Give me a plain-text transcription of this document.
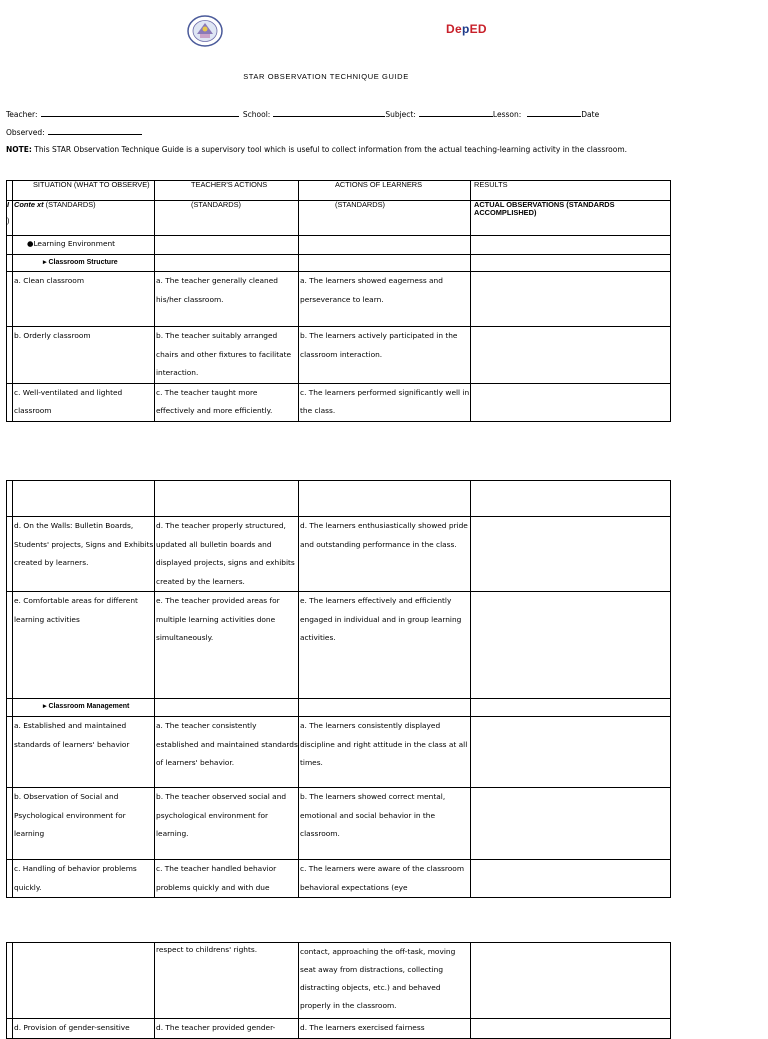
DepED
STAR OBSERVATION TECHNIQUE GUIDE
Teacher:	School:	Subject:	Lesson:	Date
Observed:
NOTE: This STAR Observation Technique Guide is a supervisory tool which is useful to collect information from the actual teaching-learning activity in the classroom.
	SITUATION (WHAT TO OBSERVE)	TEACHER'S ACTIONS	ACTIONS OF LEARNERS	RESULTS
I

)	Conte xt (STANDARDS)	(STANDARDS)	(STANDARDS)	ACTUAL OBSERVATIONS (STANDARDS ACCOMPLISHED)
	●Learning Environment			
	▸ Classroom Structure			
	a. Clean classroom	a. The teacher generally cleaned his/her classroom.	a. The learners showed eagerness and perseverance to learn.	
	b. Orderly classroom	b. The teacher suitably arranged chairs and other fixtures to facilitate interaction.	b. The learners actively participated in the classroom interaction.	
	c. Well-ventilated and lighted classroom	c. The teacher taught more effectively and more efficiently.	c. The learners performed significantly well in the class.	

	d. On the Walls: Bulletin Boards, Students' projects, Signs and Exhibits created by learners.	d. The teacher properly structured, updated all bulletin boards and displayed projects, signs and exhibits created by the learners.	d. The learners enthusiastically showed pride and outstanding performance in the class.	
	e. Comfortable areas for different learning activities	e. The teacher provided areas for multiple learning activities done simultaneously.	e. The learners effectively and efficiently engaged in individual and in group learning activities.	
	▸ Classroom Management			
	a. Established and maintained standards of learners' behavior	a. The teacher consistently established and maintained standards of learners' behavior.	a. The learners consistently displayed discipline and right attitude in the class at all times.	
	b. Observation of Social and Psychological environment for learning	b. The teacher observed social and psychological environment for learning.	b. The learners showed correct mental, emotional and social behavior in the classroom.	
	c. Handling of behavior problems quickly.	c. The teacher handled behavior problems quickly and with due	c. The learners were aware of the classroom behavioral expectations (eye	
		respect to childrens' rights.	contact, approaching the off-task, moving seat away from distractions, collecting distracting objects, etc.) and behaved properly in the classroom.	
	d. Provision of gender-sensitive	d. The teacher provided gender-	d. The learners exercised fairness	
